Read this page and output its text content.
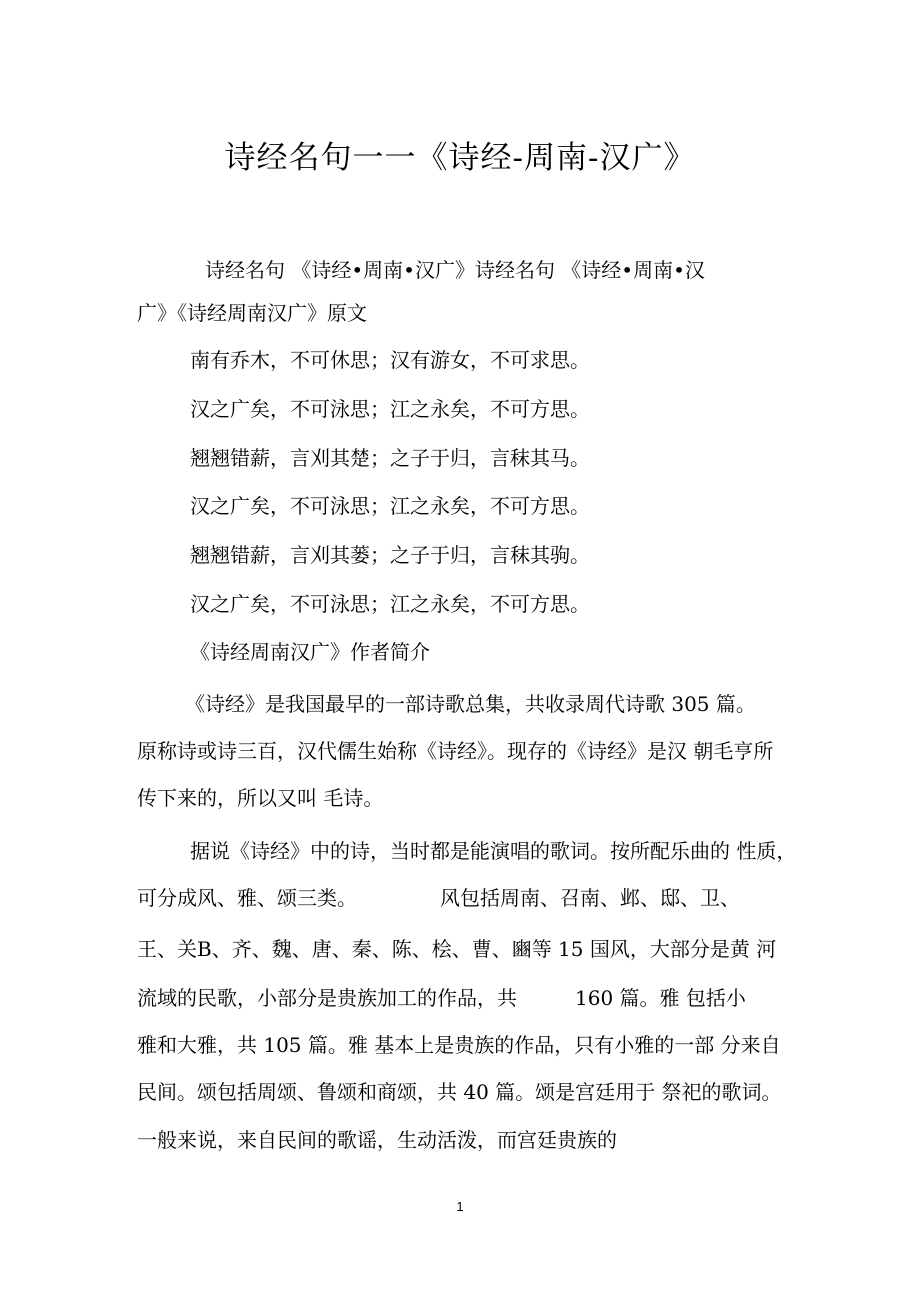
诗经名句一一《诗经-周南-汉广》
诗经名句 《诗经•周南•汉广》诗经名句 《诗经•周南•汉
广》《诗经周南汉广》原文
南有乔木，不可休思；汉有游女，不可求思。
汉之广矣，不可泳思；江之永矣，不可方思。
翘翘错薪，言刈其楚；之子于归，言秣其马。
汉之广矣，不可泳思；江之永矣，不可方思。
翘翘错薪，言刈其蒌；之子于归，言秣其驹。
汉之广矣，不可泳思；江之永矣，不可方思。
《诗经周南汉广》作者简介
《诗经》是我国最早的一部诗歌总集，共收录周代诗歌 305 篇。
原称诗或诗三百，汉代儒生始称《诗经》。现存的《诗经》是汉 朝毛亨所
传下来的，所以又叫 毛诗。
据说《诗经》中的诗，当时都是能演唱的歌词。按所配乐曲的 性质，
可分成风、雅、颂三类。	风包括周南、召南、邺、邸、卫、
王、关B、齐、魏、唐、秦、陈、桧、曹、豳等 15 国风，大部分是黄 河
流域的民歌，小部分是贵族加工的作品，共	160 篇。雅 包括小
雅和大雅，共 105 篇。雅 基本上是贵族的作品，只有小雅的一部 分来自
民间。颂包括周颂、鲁颂和商颂，共 40 篇。颂是宫廷用于 祭祀的歌词。
一般来说，来自民间的歌谣，生动活泼，而宫廷贵族的
1
